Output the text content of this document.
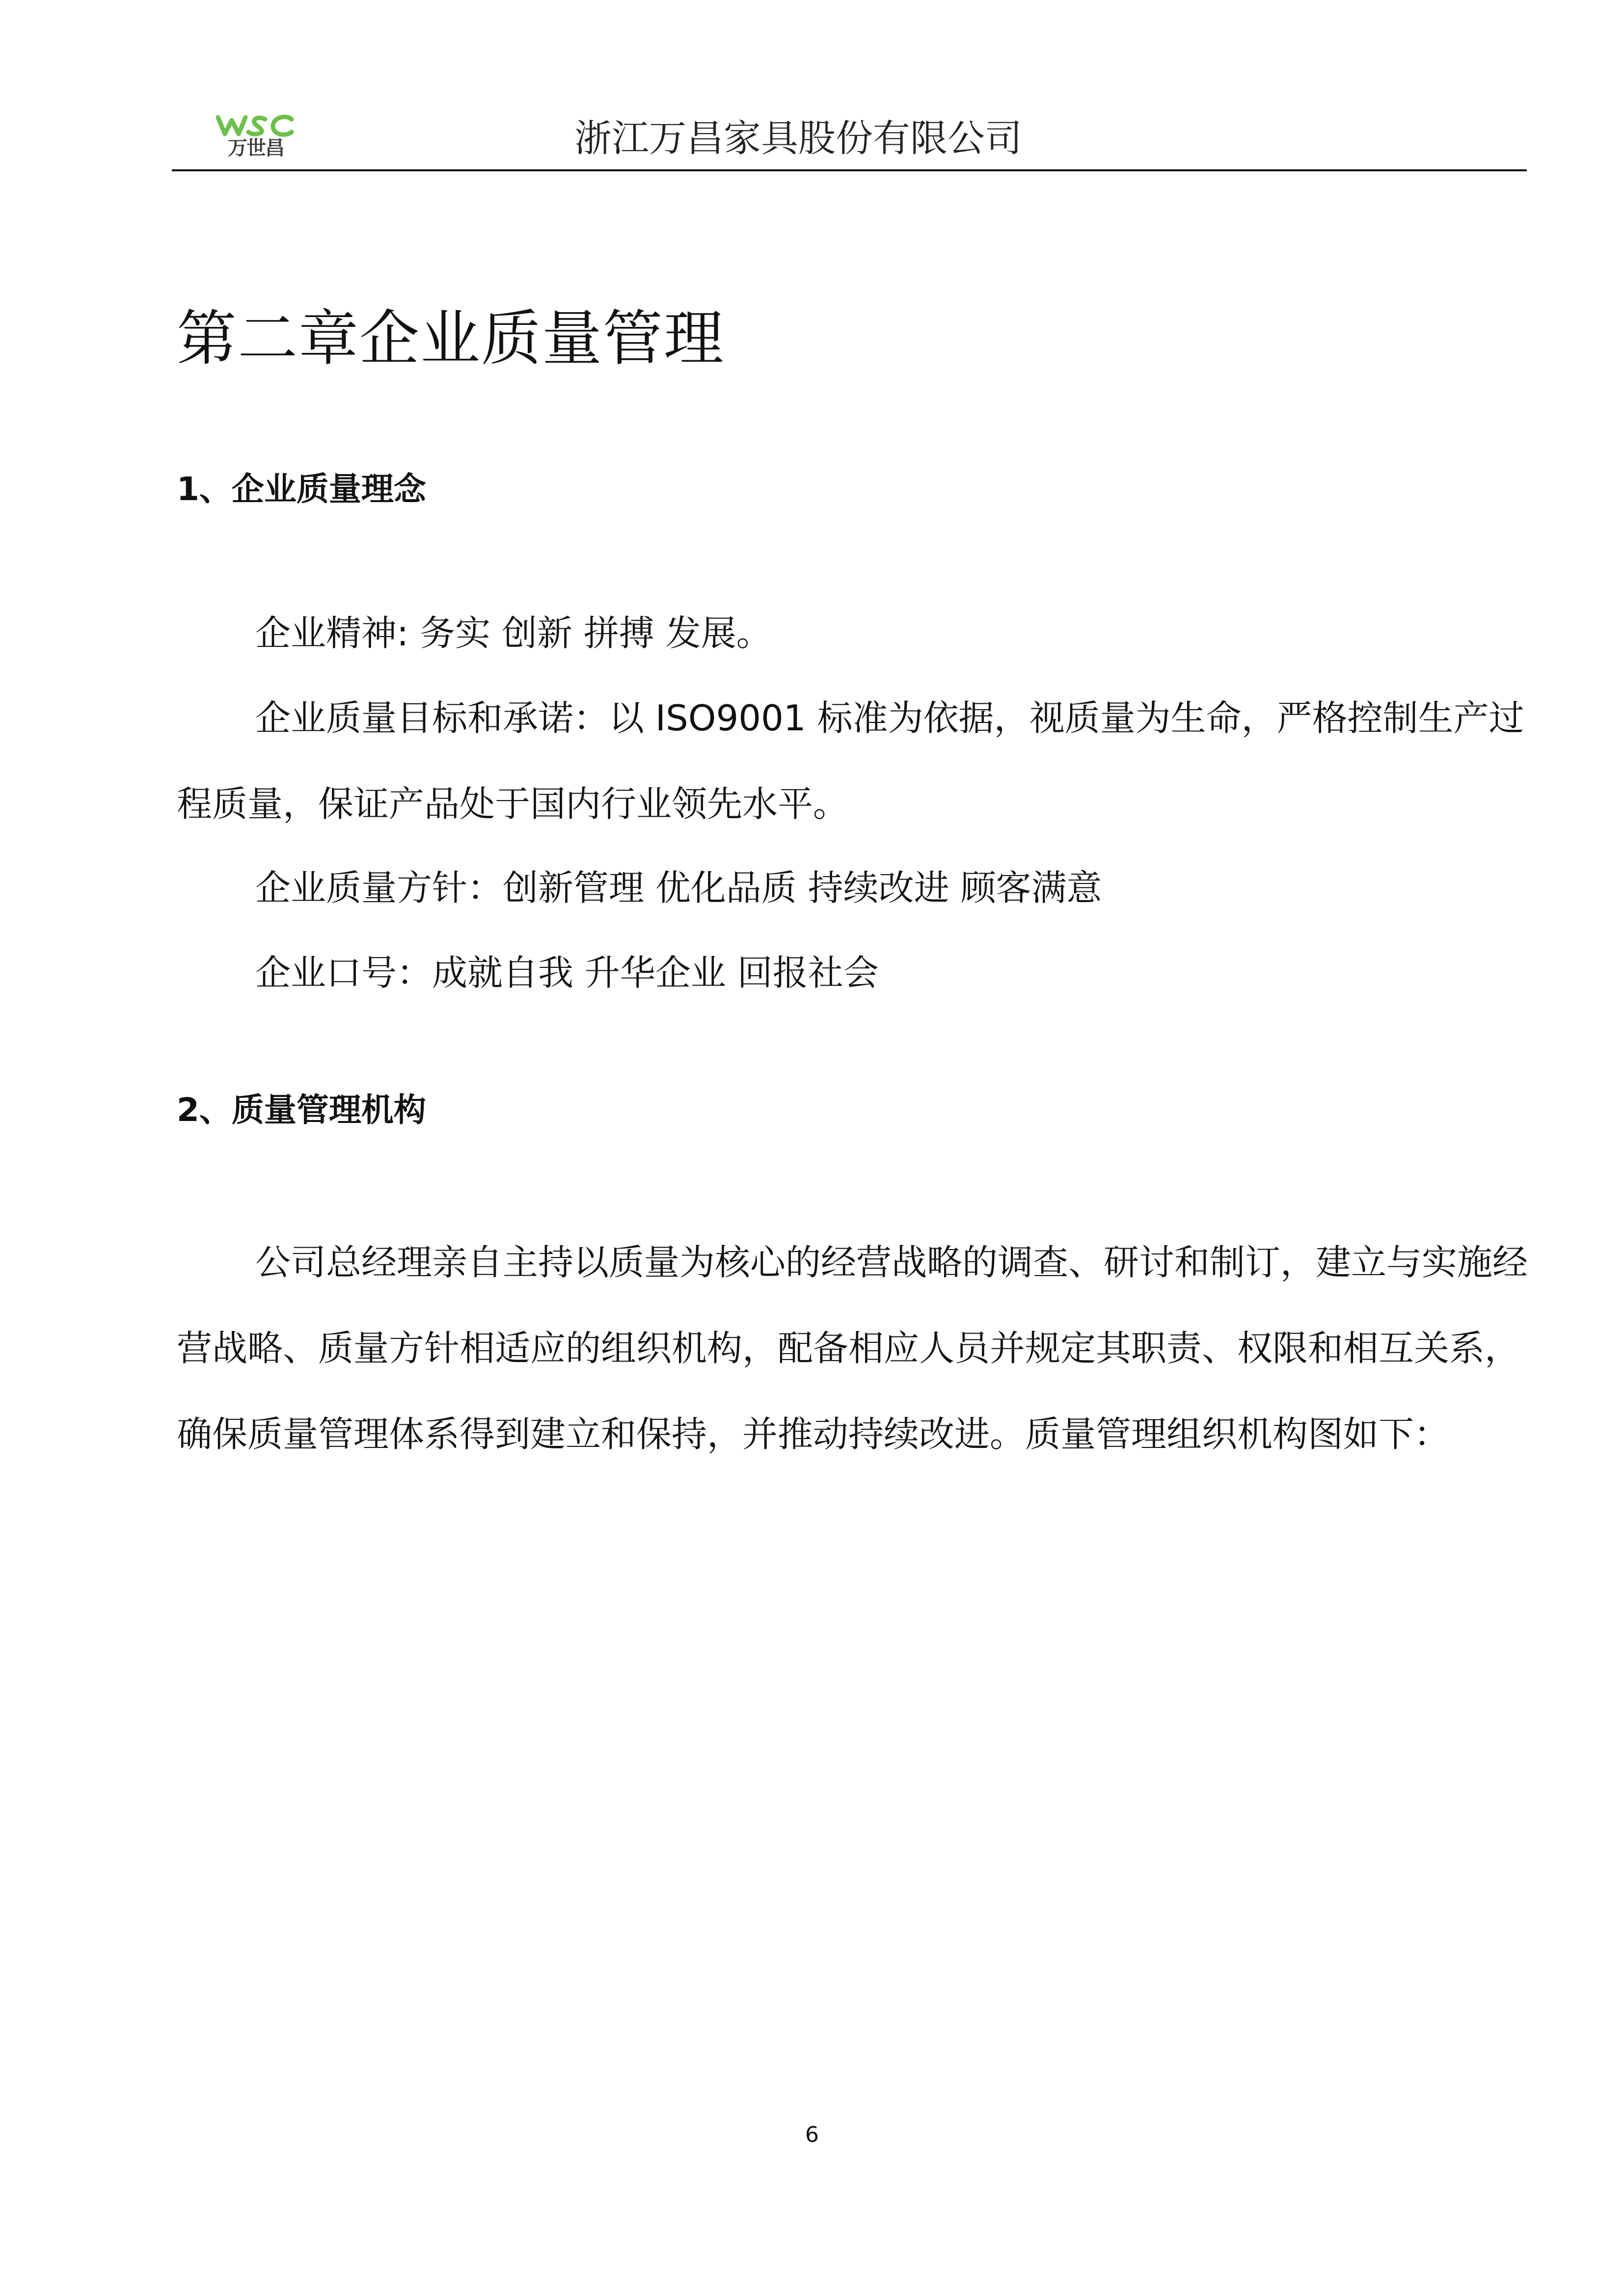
万世昌	浙江万昌家具股份有限公司
第二章企业质量管理
1、企业质量理念

企业精神: 务实 创新 拼搏 发展。

企业质量目标和承诺：以 ISO9001 标准为依据，视质量为生命，严格控制生产过程质量，保证产品处于国内行业领先水平。

企业质量方针：创新管理 优化品质 持续改进 顾客满意

企业口号：成就自我 升华企业 回报社会

2、质量管理机构

公司总经理亲自主持以质量为核心的经营战略的调查、研讨和制订，建立与实施经营战略、质量方针相适应的组织机构，配备相应人员并规定其职责、权限和相互关系，确保质量管理体系得到建立和保持，并推动持续改进。质量管理组织机构图如下：

6
